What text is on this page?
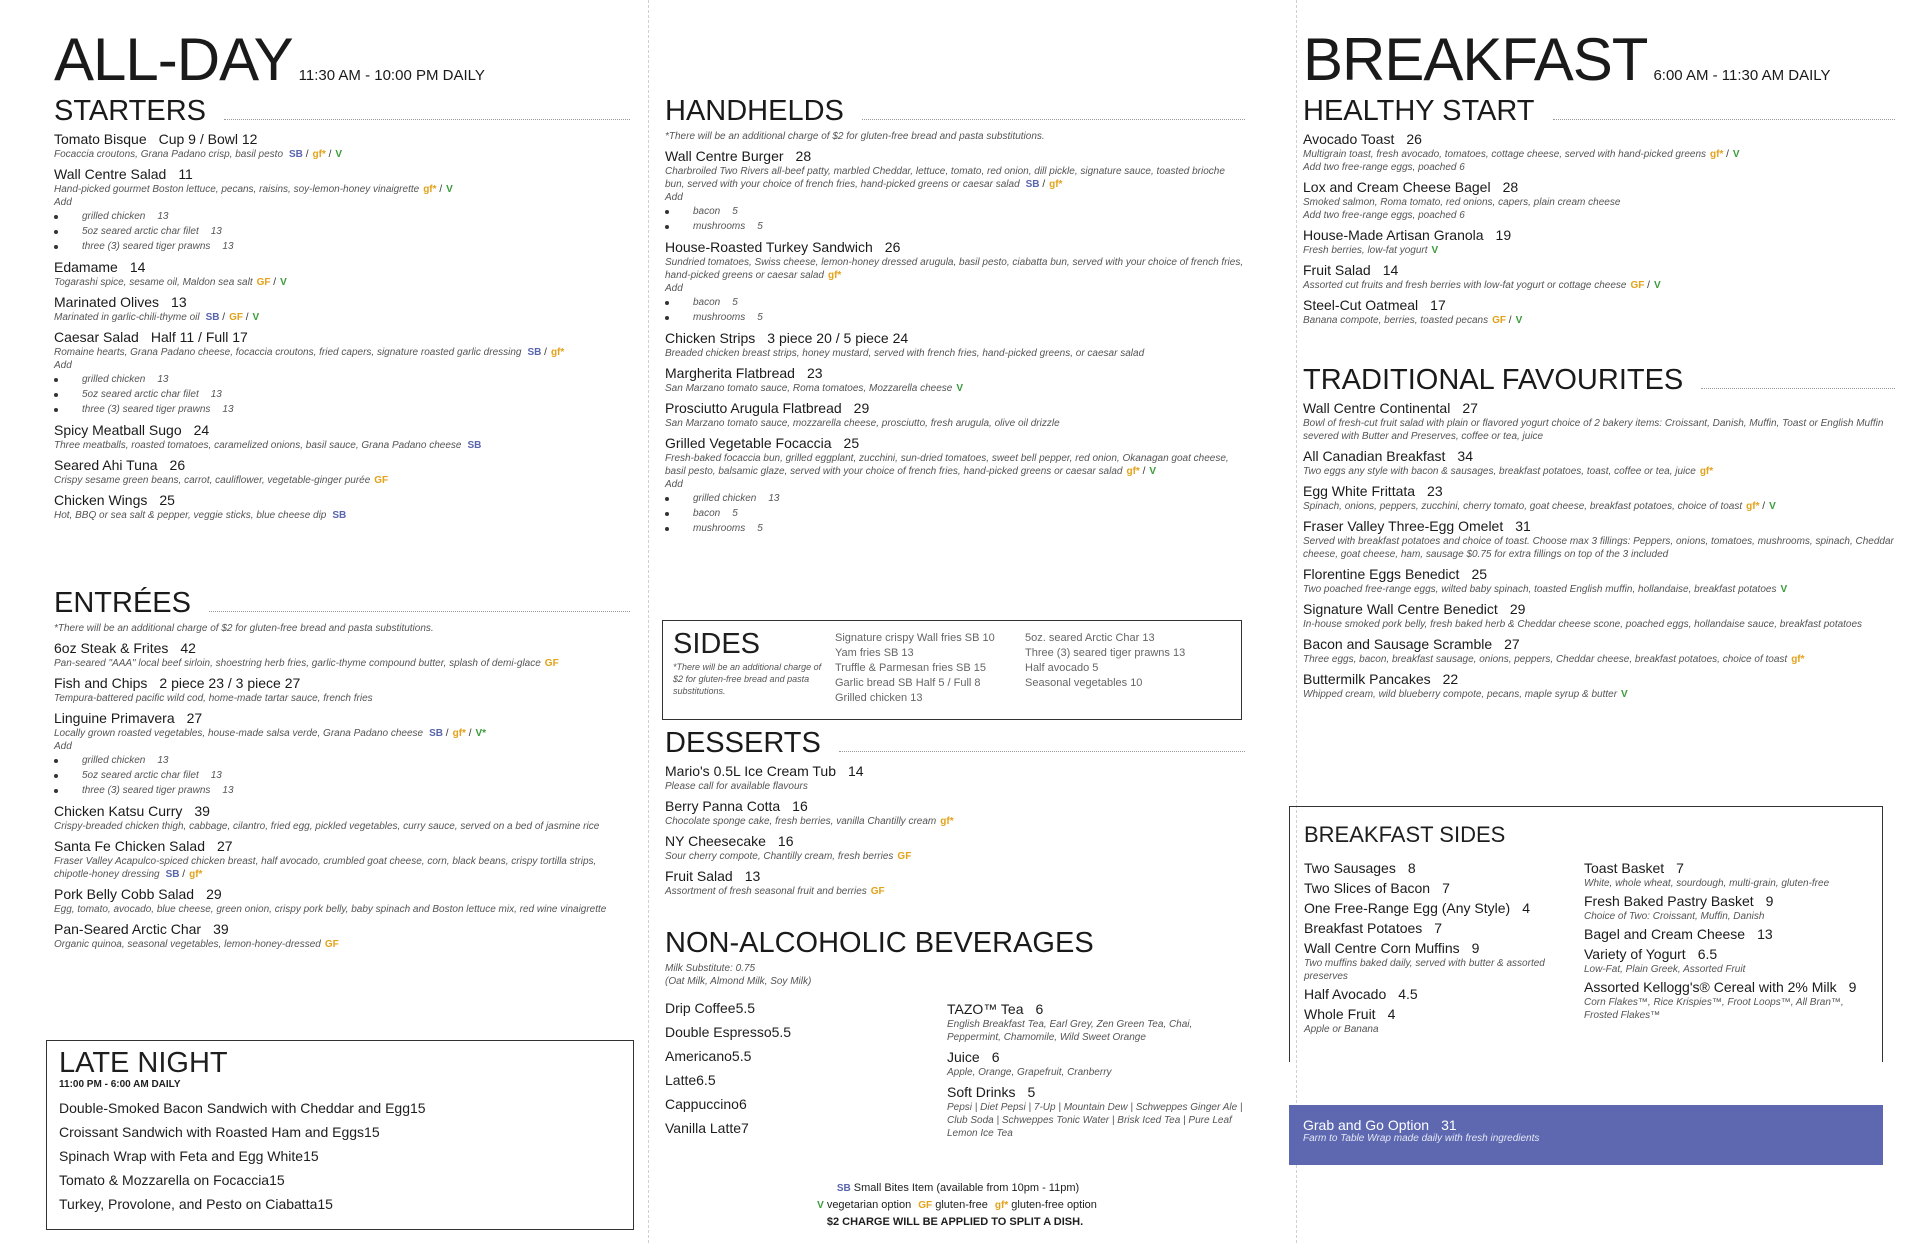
ALL-DAY 11:30 AM - 10:00 PM DAILY
STARTERS
Tomato Bisque Cup 9 / Bowl 12
Focaccia croutons, Grana Padano crisp, basil pesto SB / gf* / V
Wall Centre Salad 11
Hand-picked gourmet Boston lettuce, pecans, raisins, soy-lemon-honey vinaigrette gf* / V
Add
grilled chicken 13
5oz seared arctic char filet 13
three (3) seared tiger prawns 13
Edamame 14
Togarashi spice, sesame oil, Maldon sea salt GF / V
Marinated Olives 13
Marinated in garlic-chili-thyme oil SB / GF / V
Caesar Salad Half 11 / Full 17
Romaine hearts, Grana Padano cheese, focaccia croutons, fried capers, signature roasted garlic dressing SB / gf*
Add
grilled chicken 13
5oz seared arctic char filet 13
three (3) seared tiger prawns 13
Spicy Meatball Sugo 24
Three meatballs, roasted tomatoes, caramelized onions, basil sauce, Grana Padano cheese SB
Seared Ahi Tuna 26
Crispy sesame green beans, carrot, cauliflower, vegetable-ginger purée GF
Chicken Wings 25
Hot, BBQ or sea salt & pepper, veggie sticks, blue cheese dip SB
ENTRÉES
*There will be an additional charge of $2 for gluten-free bread and pasta substitutions.
6oz Steak & Frites 42
Pan-seared "AAA" local beef sirloin, shoestring herb fries, garlic-thyme compound butter, splash of demi-glace GF
Fish and Chips 2 piece 23 / 3 piece 27
Tempura-battered pacific wild cod, home-made tartar sauce, french fries
Linguine Primavera 27
Locally grown roasted vegetables, house-made salsa verde, Grana Padano cheese SB / gf* / V*
Add
grilled chicken 13
5oz seared arctic char filet 13
three (3) seared tiger prawns 13
Chicken Katsu Curry 39
Crispy-breaded chicken thigh, cabbage, cilantro, fried egg, pickled vegetables, curry sauce, served on a bed of jasmine rice
Santa Fe Chicken Salad 27
Fraser Valley Acapulco-spiced chicken breast, half avocado, crumbled goat cheese, corn, black beans, crispy tortilla strips, chipotle-honey dressing SB / gf*
Pork Belly Cobb Salad 29
Egg, tomato, avocado, blue cheese, green onion, crispy pork belly, baby spinach and Boston lettuce mix, red wine vinaigrette
Pan-Seared Arctic Char 39
Organic quinoa, seasonal vegetables, lemon-honey-dressed GF
LATE NIGHT
11:00 PM - 6:00 AM DAILY
Double-Smoked Bacon Sandwich with Cheddar and Egg15
Croissant Sandwich with Roasted Ham and Eggs15
Spinach Wrap with Feta and Egg White15
Tomato & Mozzarella on Focaccia15
Turkey, Provolone, and Pesto on Ciabatta15
HANDHELDS
*There will be an additional charge of $2 for gluten-free bread and pasta substitutions.
Wall Centre Burger 28
Charbroiled Two Rivers all-beef patty, marbled Cheddar, lettuce, tomato, red onion, dill pickle, signature sauce, toasted brioche bun, served with your choice of french fries, hand-picked greens or caesar salad SB / gf*
Add
bacon 5
mushrooms 5
House-Roasted Turkey Sandwich 26
Sundried tomatoes, Swiss cheese, lemon-honey dressed arugula, basil pesto, ciabatta bun, served with your choice of french fries, hand-picked greens or caesar salad gf*
Add
bacon 5
mushrooms 5
Chicken Strips 3 piece 20 / 5 piece 24
Breaded chicken breast strips, honey mustard, served with french fries, hand-picked greens, or caesar salad
Margherita Flatbread 23
San Marzano tomato sauce, Roma tomatoes, Mozzarella cheese V
Prosciutto Arugula Flatbread 29
San Marzano tomato sauce, mozzarella cheese, prosciutto, fresh arugula, olive oil drizzle
Grilled Vegetable Focaccia 25
Fresh-baked focaccia bun, grilled eggplant, zucchini, sun-dried tomatoes, sweet bell pepper, red onion, Okanagan goat cheese, basil pesto, balsamic glaze, served with your choice of french fries, hand-picked greens or caesar salad gf* / V
Add
grilled chicken 13
bacon 5
mushrooms 5
SIDES
*There will be an additional charge of $2 for gluten-free bread and pasta substitutions.
Signature crispy Wall fries SB 10	5oz. seared Arctic Char 13
Yam fries SB 13	Three (3) seared tiger prawns 13
Truffle & Parmesan fries SB 15	Half avocado 5
Garlic bread SB Half 5 / Full 8	Seasonal vegetables 10
Grilled chicken 13
DESSERTS
Mario's 0.5L Ice Cream Tub 14
Please call for available flavours
Berry Panna Cotta 16
Chocolate sponge cake, fresh berries, vanilla Chantilly cream gf*
NY Cheesecake 16
Sour cherry compote, Chantilly cream, fresh berries GF
Fruit Salad 13
Assortment of fresh seasonal fruit and berries GF
NON-ALCOHOLIC BEVERAGES
Milk Substitute: 0.75
(Oat Milk, Almond Milk, Soy Milk)
Drip Coffee5.5
Double Espresso5.5
Americano5.5
Latte6.5
Cappuccino6
Vanilla Latte7
TAZO™ Tea 6
English Breakfast Tea, Earl Grey, Zen Green Tea, Chai, Peppermint, Chamomile, Wild Sweet Orange
Juice 6
Apple, Orange, Grapefruit, Cranberry
Soft Drinks 5
Pepsi | Diet Pepsi | 7-Up | Mountain Dew | Schweppes Ginger Ale | Club Soda | Schweppes Tonic Water | Brisk Iced Tea | Pure Leaf Lemon Ice Tea
SB Small Bites Item (available from 10pm - 11pm)
V vegetarian option GF gluten-free gf* gluten-free option
$2 CHARGE WILL BE APPLIED TO SPLIT A DISH.
BREAKFAST 6:00 AM - 11:30 AM DAILY
HEALTHY START
Avocado Toast 26
Multigrain toast, fresh avocado, tomatoes, cottage cheese, served with hand-picked greens gf* / V
Add two free-range eggs, poached 6
Lox and Cream Cheese Bagel 28
Smoked salmon, Roma tomato, red onions, capers, plain cream cheese
Add two free-range eggs, poached 6
House-Made Artisan Granola 19
Fresh berries, low-fat yogurt V
Fruit Salad 14
Assorted cut fruits and fresh berries with low-fat yogurt or cottage cheese GF / V
Steel-Cut Oatmeal 17
Banana compote, berries, toasted pecans GF / V
TRADITIONAL FAVOURITES
Wall Centre Continental 27
Bowl of fresh-cut fruit salad with plain or flavored yogurt choice of 2 bakery items: Croissant, Danish, Muffin, Toast or English Muffin severed with Butter and Preserves, coffee or tea, juice
All Canadian Breakfast 34
Two eggs any style with bacon & sausages, breakfast potatoes, toast, coffee or tea, juice gf*
Egg White Frittata 23
Spinach, onions, peppers, zucchini, cherry tomato, goat cheese, breakfast potatoes, choice of toast gf* / V
Fraser Valley Three-Egg Omelet 31
Served with breakfast potatoes and choice of toast. Choose max 3 fillings: Peppers, onions, tomatoes, mushrooms, spinach, Cheddar cheese, goat cheese, ham, sausage $0.75 for extra fillings on top of the 3 included
Florentine Eggs Benedict 25
Two poached free-range eggs, wilted baby spinach, toasted English muffin, hollandaise, breakfast potatoes V
Signature Wall Centre Benedict 29
In-house smoked pork belly, fresh baked herb & Cheddar cheese scone, poached eggs, hollandaise sauce, breakfast potatoes
Bacon and Sausage Scramble 27
Three eggs, bacon, breakfast sausage, onions, peppers, Cheddar cheese, breakfast potatoes, choice of toast gf*
Buttermilk Pancakes 22
Whipped cream, wild blueberry compote, pecans, maple syrup & butter V
BREAKFAST SIDES
Two Sausages 8
Two Slices of Bacon 7
One Free-Range Egg (Any Style) 4
Breakfast Potatoes 7
Wall Centre Corn Muffins 9
Two muffins baked daily, served with butter & assorted preserves
Half Avocado 4.5
Whole Fruit 4
Apple or Banana
Toast Basket 7
White, whole wheat, sourdough, multi-grain, gluten-free
Fresh Baked Pastry Basket 9
Choice of Two: Croissant, Muffin, Danish
Bagel and Cream Cheese 13
Variety of Yogurt 6.5
Low-Fat, Plain Greek, Assorted Fruit
Assorted Kellogg's® Cereal with 2% Milk 9
Corn Flakes™, Rice Krispies™, Froot Loops™, All Bran™, Frosted Flakes™
Grab and Go Option 31
Farm to Table Wrap made daily with fresh ingredients
